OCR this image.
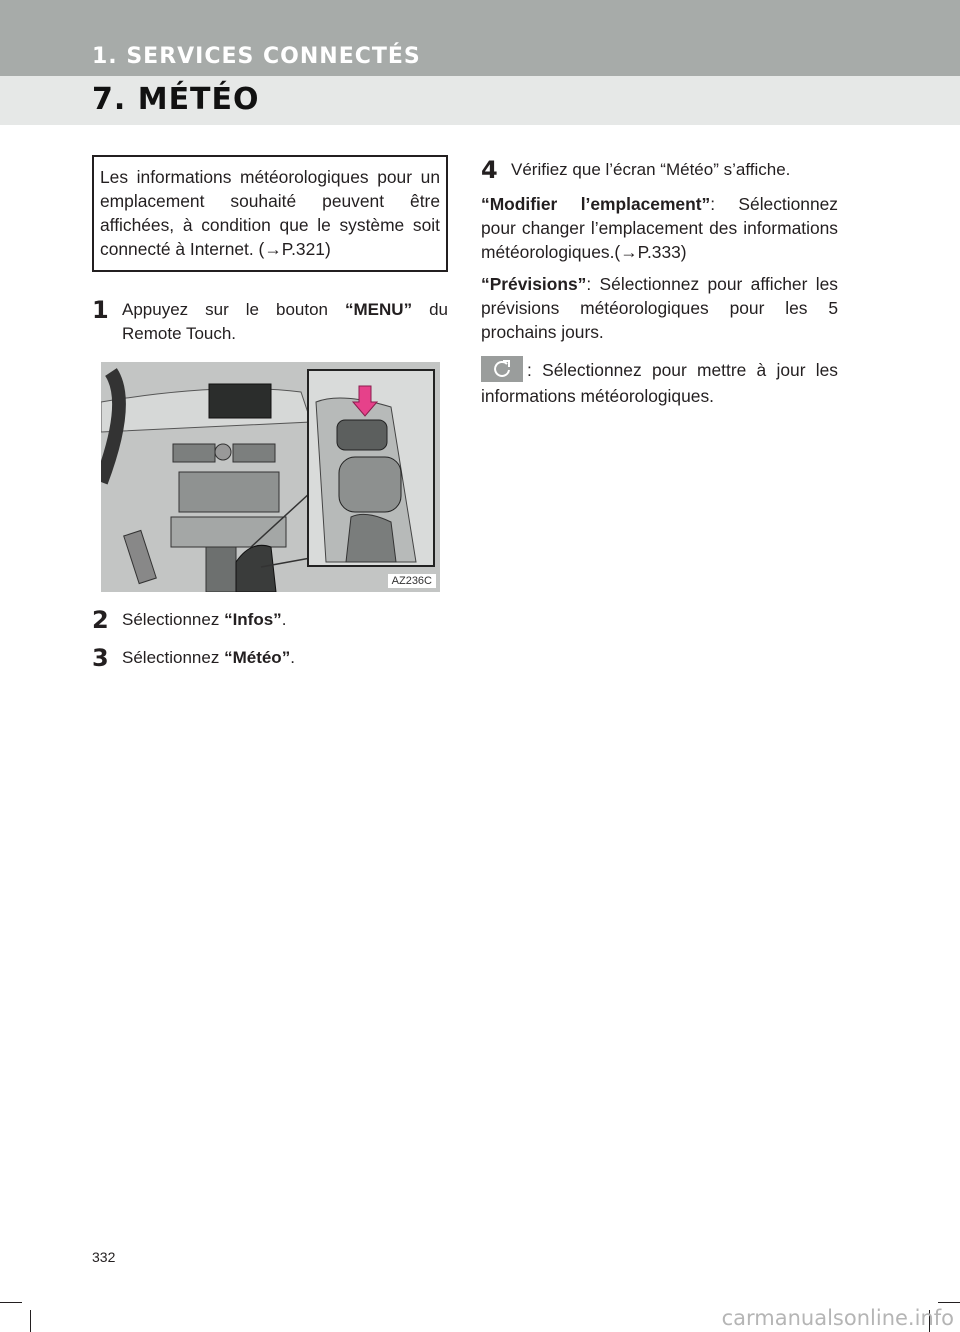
1. SERVICES CONNECTÉS
7. MÉTÉO
Les informations météorologiques pour un emplacement souhaité peuvent être affichées, à condition que le système soit connecté à Internet. (→P.321)
1 Appuyez sur le bouton “MENU” du Remote Touch.
AZ236C
2 Sélectionnez “Infos”.
3 Sélectionnez “Météo”.
4 Vérifiez que l’écran “Météo” s’affiche.
“Modifier l’emplacement”: Sélectionnez pour changer l’emplacement des informations météorologiques.(→P.333)
“Prévisions”: Sélectionnez pour afficher les prévisions météorologiques pour les 5 prochains jours.
: Sélectionnez pour mettre à jour les informations météorologiques.
332
carmanualsonline.info
